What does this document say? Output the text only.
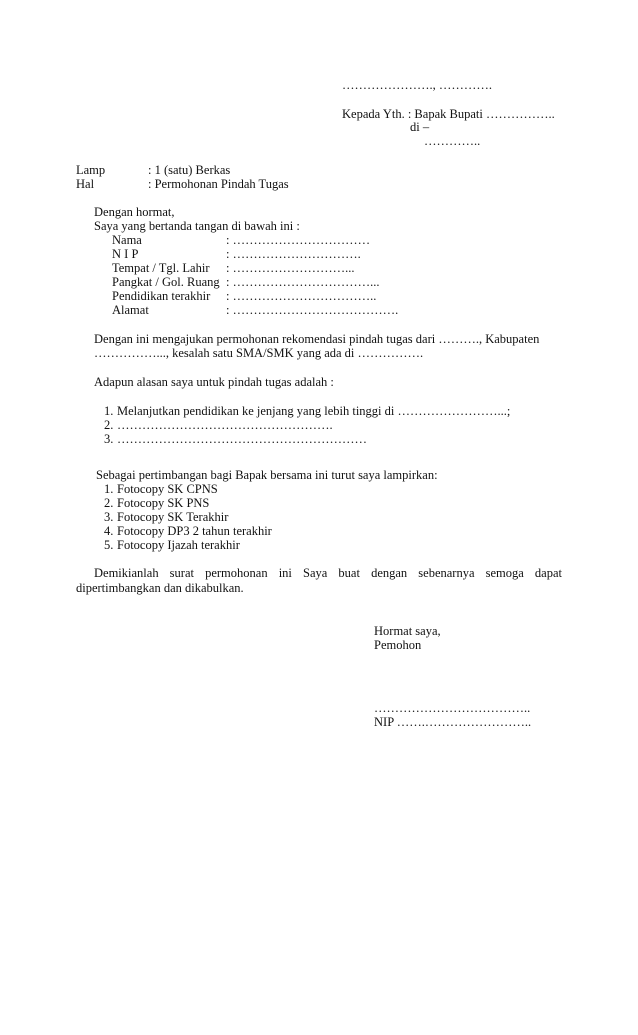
…………………., ………….
Kepada Yth. : Bapak Bupati ……………..
di –
…………..
Lamp	: 1 (satu) Berkas
Hal	: Permohonan Pindah Tugas
Dengan hormat,
Saya yang bertanda tangan di bawah ini :
Nama	: ……………………………
N I P	: ………………………….
Tempat / Tgl. Lahir : ………………………...
Pangkat / Gol. Ruang : ……………………………...
Pendidikan terakhir : ……………………………..
Alamat	: ………………………………….
Dengan ini mengajukan permohonan rekomendasi pindah tugas dari ………., Kabupaten
……………..., kesalah satu SMA/SMK yang ada di …………….
Adapun alasan saya untuk pindah tugas adalah :
1. Melanjutkan pendidikan ke jenjang yang lebih tinggi di ……………………...;
2. …………………………………………….
3. ……………………………………………………
Sebagai pertimbangan bagi Bapak bersama ini turut saya lampirkan:
1. Fotocopy SK CPNS
2. Fotocopy SK PNS
3. Fotocopy SK Terakhir
4. Fotocopy DP3 2 tahun terakhir
5. Fotocopy Ijazah terakhir
Demikianlah surat permohonan ini Saya buat dengan sebenarnya semoga dapat
dipertimbangkan dan dikabulkan.
Hormat saya,
Pemohon
………………………………..
NIP …….……………………..
